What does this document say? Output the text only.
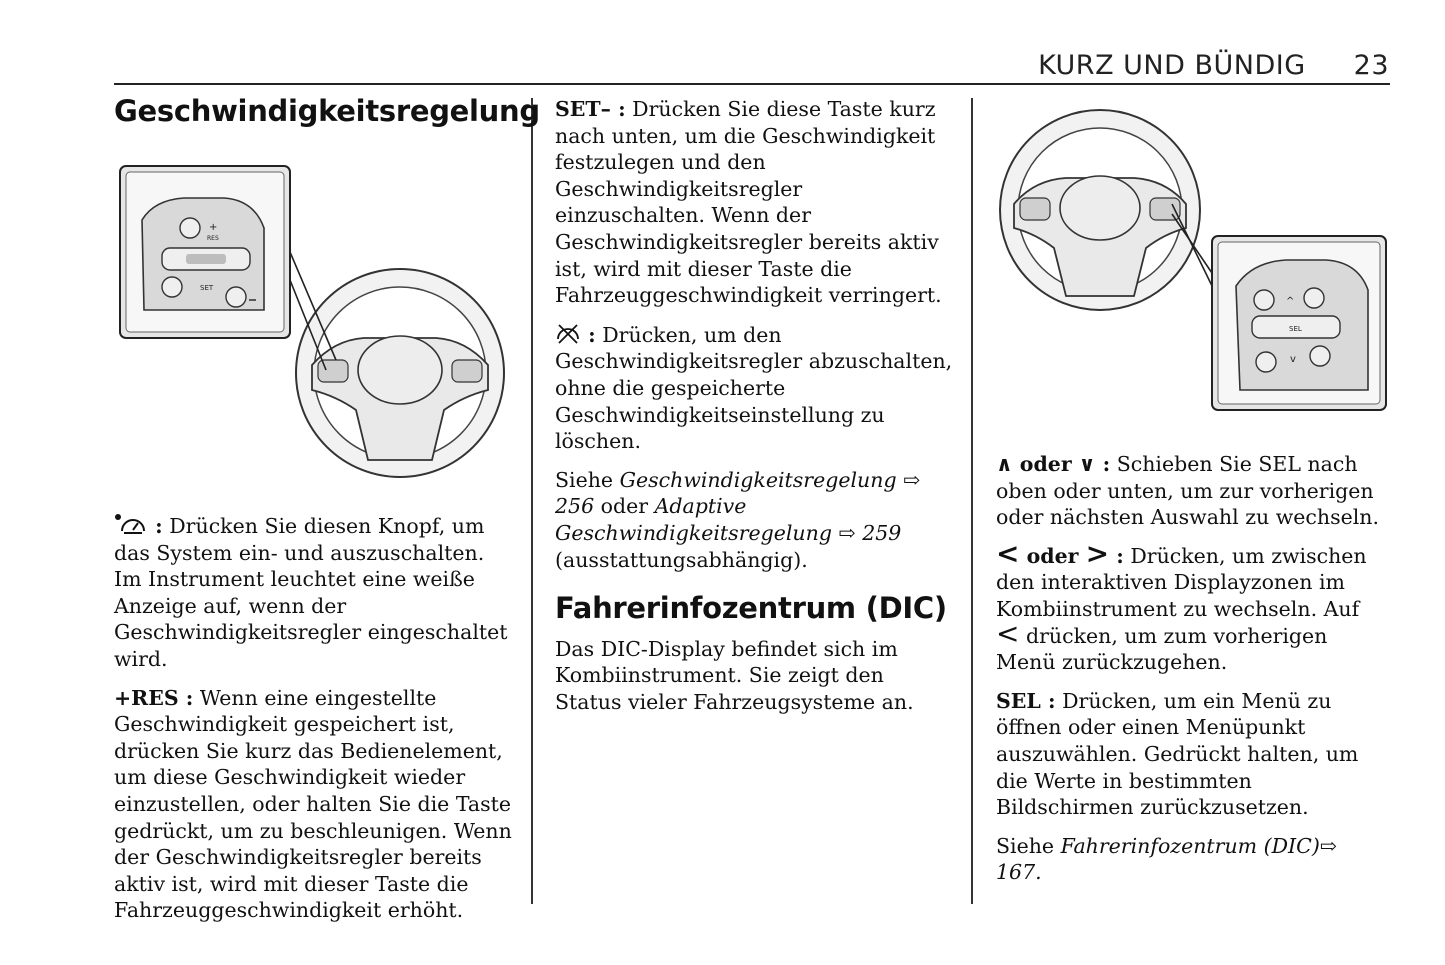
KURZ UND BÜNDIG 23
Geschwindigkeitsregelung
+
RES
SET

: Drücken Sie diesen Knopf, um das System ein- und auszuschalten. Im Instrument leuchtet eine weiße Anzeige auf, wenn der Geschwindigkeitsregler eingeschaltet wird.

+RES : Wenn eine eingestellte Geschwindigkeit gespeichert ist, drücken Sie kurz das Bedienelement, um diese Geschwindigkeit wieder einzustellen, oder halten Sie die Taste gedrückt, um zu beschleunigen. Wenn der Geschwindigkeitsregler bereits aktiv ist, wird mit dieser Taste die Fahrzeuggeschwindigkeit erhöht.

SET– : Drücken Sie diese Taste kurz nach unten, um die Geschwindigkeit festzulegen und den Geschwindigkeitsregler einzuschalten. Wenn der Geschwindigkeitsregler bereits aktiv ist, wird mit dieser Taste die Fahrzeuggeschwindigkeit verringert.

: Drücken, um den Geschwindigkeitsregler abzuschalten, ohne die gespeicherte Geschwindigkeitseinstellung zu löschen.

Siehe Geschwindigkeitsregelung ⇨ 256 oder Adaptive Geschwindigkeitsregelung ⇨ 259 (ausstattungsabhängig).

Fahrerinfozentrum (DIC)

Das DIC-Display befindet sich im Kombiinstrument. Sie zeigt den Status vieler Fahrzeugsysteme an.

^
SEL
v

∧ oder ∨ : Schieben Sie SEL nach oben oder unten, um zur vorherigen oder nächsten Auswahl zu wechseln.

< oder > : Drücken, um zwischen den interaktiven Displayzonen im Kombiinstrument zu wechseln. Auf < drücken, um zum vorherigen Menü zurückzugehen.

SEL : Drücken, um ein Menü zu öffnen oder einen Menüpunkt auszuwählen. Gedrückt halten, um die Werte in bestimmten Bildschirmen zurückzusetzen.

Siehe Fahrerinfozentrum (DIC)⇨ 167.
